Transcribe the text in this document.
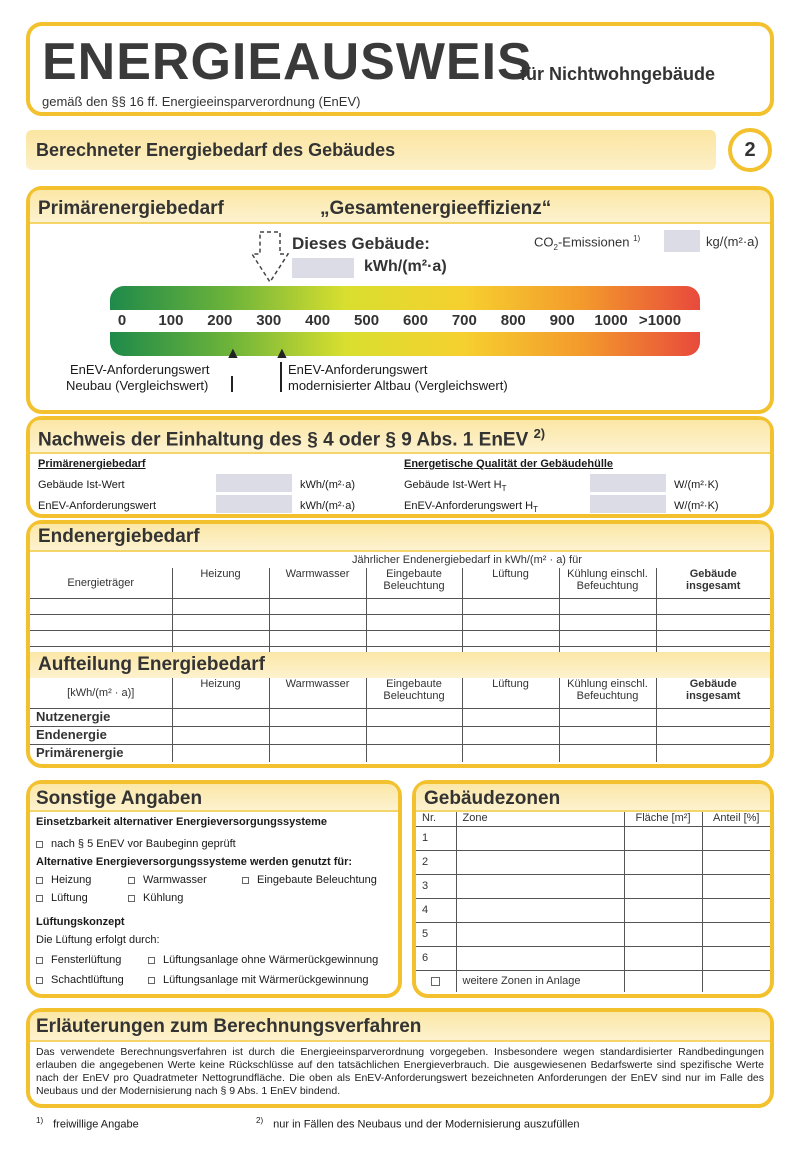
ENERGIEAUSWEIS
für Nichtwohngebäude
gemäß den §§ 16 ff. Energieeinsparverordnung (EnEV)
Berechneter Energiebedarf des Gebäudes	2
Primärenergiebedarf	„Gesamtenergieeffizienz“
Dieses Gebäude:
kWh/(m²·a)
$CO_2$-Emissionen $^{1)}$	kg/(m²·a)
0 100 200 300 400 500 600 700 800 900 1000 >1000
▲ ▲
EnEV-Anforderungswert
Neubau (Vergleichswert)
EnEV-Anforderungswert
modernisierter Altbau (Vergleichswert)
Nachweis der Einhaltung des § 4 oder § 9 Abs. 1 EnEV $^{2)}$
Primärenergiebedarf
Gebäude Ist-Wert	kWh/(m²·a)
EnEV-Anforderungswert	kWh/(m²·a)
Energetische Qualität der Gebäudehülle
Gebäude Ist-Wert $H_T$	W/(m²·K)
EnEV-Anforderungswert $H_T$	W/(m²·K)
Endenergiebedarf
	Jährlicher Endenergiebedarf in kWh/(m² · a) für					
Energieträger	Heizung	Warmwasser	Eingebaute
Beleuchtung	Lüftung	Kühlung einschl.
Befeuchtung	Gebäude
insgesamt

Aufteilung Energiebedarf
[kWh/(m² · a)]	Heizung	Warmwasser	Eingebaute
Beleuchtung	Lüftung	Kühlung einschl.
Befeuchtung	Gebäude
insgesamt
Nutzenergie						
Endenergie						
Primärenergie						
Sonstige Angaben
Einsetzbarkeit alternativer Energieversorgungssysteme
nach § 5 EnEV vor Baubeginn geprüft
Alternative Energieversorgungssysteme werden genutzt für:
Heizung	Warmwasser	Eingebaute Beleuchtung
Lüftung	Kühlung
Lüftungskonzept
Die Lüftung erfolgt durch:
Fensterlüftung	Lüftungsanlage ohne Wärmerückgewinnung
Schachtlüftung	Lüftungsanlage mit Wärmerückgewinnung
Gebäudezonen
Nr.	Zone	Fläche [m²]	Anteil [%]
1			
2			
3			
4			
5			
6			
	weitere Zonen in Anlage		
Erläuterungen zum Berechnungsverfahren
Das verwendete Berechnungsverfahren ist durch die Energieeinsparverordnung vorgegeben. Insbesondere wegen standardisierter Randbedingungen erlauben die angegebenen Werte keine Rückschlüsse auf den tatsächlichen Energieverbrauch. Die ausgewiesenen Bedarfswerte sind spezifische Werte nach der EnEV pro Quadratmeter Nettogrundfläche. Die oben als EnEV-Anforderungswert bezeichneten Anforderungen der EnEV sind nur im Falle des Neubaus und der Modernisierung nach § 9 Abs. 1 EnEV bindend.
$^{1)}$ freiwillige Angabe	$^{2)}$ nur in Fällen des Neubaus und der Modernisierung auszufüllen
